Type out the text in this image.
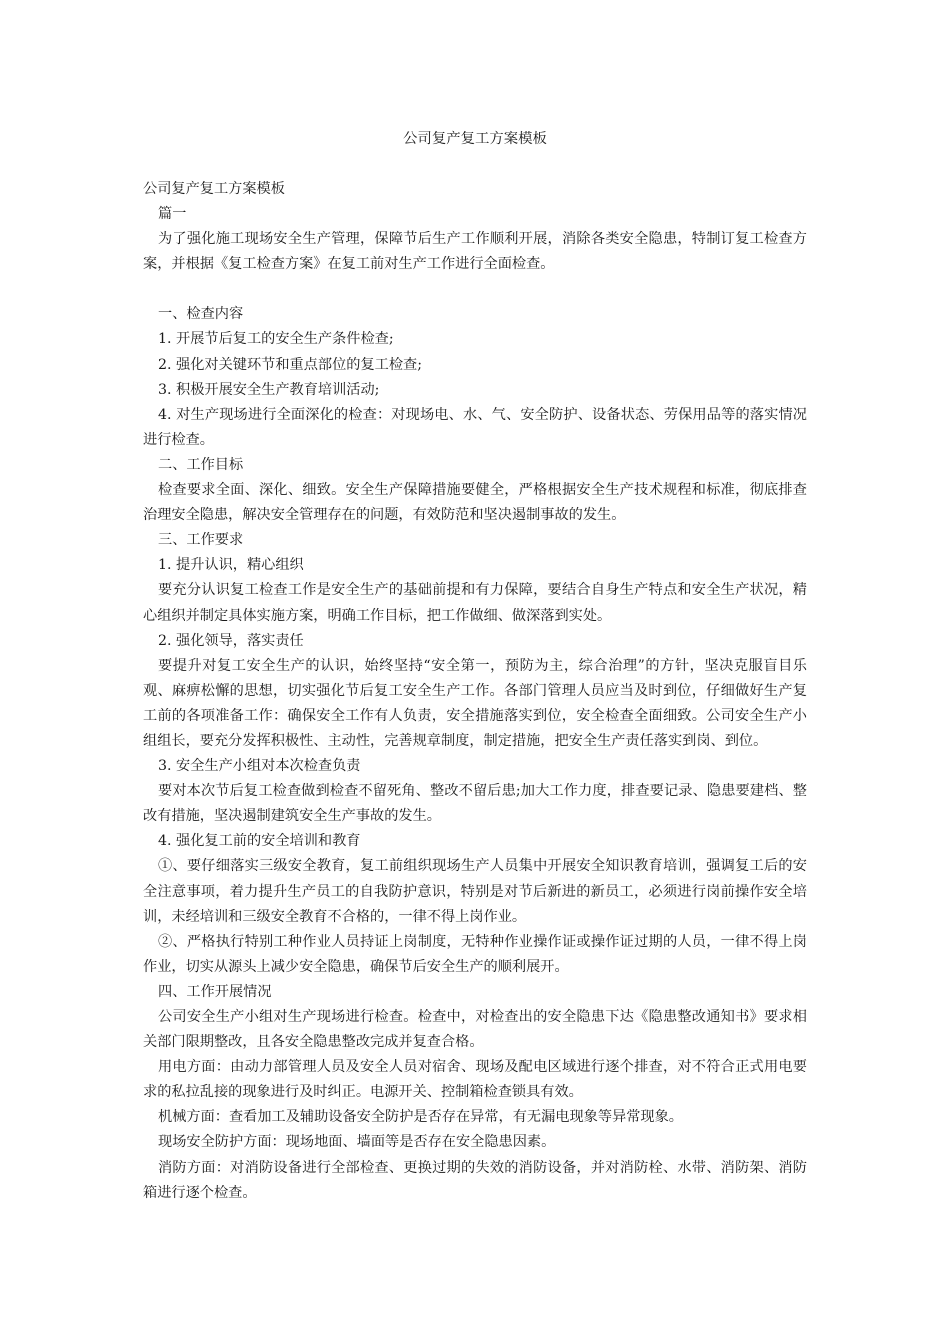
公司复产复工方案模板

公司复产复工方案模板

篇一

为了强化施工现场安全生产管理，保障节后生产工作顺利开展，消除各类安全隐患，特制订复工检查方案，并根据《复工检查方案》在复工前对生产工作进行全面检查。

一、检查内容

1. 开展节后复工的安全生产条件检查;

2. 强化对关键环节和重点部位的复工检查;

3. 积极开展安全生产教育培训活动;

4. 对生产现场进行全面深化的检查：对现场电、水、气、安全防护、设备状态、劳保用品等的落实情况进行检查。

二、工作目标

检查要求全面、深化、细致。安全生产保障措施要健全，严格根据安全生产技术规程和标准，彻底排查治理安全隐患，解决安全管理存在的问题，有效防范和坚决遏制事故的发生。

三、工作要求

1. 提升认识，精心组织

要充分认识复工检查工作是安全生产的基础前提和有力保障，要结合自身生产特点和安全生产状况，精心组织并制定具体实施方案，明确工作目标，把工作做细、做深落到实处。

2. 强化领导，落实责任

要提升对复工安全生产的认识，始终坚持“安全第一，预防为主，综合治理”的方针，坚决克服盲目乐观、麻痹松懈的思想，切实强化节后复工安全生产工作。各部门管理人员应当及时到位，仔细做好生产复工前的各项准备工作：确保安全工作有人负责，安全措施落实到位，安全检查全面细致。公司安全生产小组组长，要充分发挥积极性、主动性，完善规章制度，制定措施，把安全生产责任落实到岗、到位。

3. 安全生产小组对本次检查负责

要对本次节后复工检查做到检查不留死角、整改不留后患;加大工作力度，排查要记录、隐患要建档、整改有措施，坚决遏制建筑安全生产事故的发生。

4. 强化复工前的安全培训和教育

①、要仔细落实三级安全教育，复工前组织现场生产人员集中开展安全知识教育培训，强调复工后的安全注意事项，着力提升生产员工的自我防护意识，特别是对节后新进的新员工，必须进行岗前操作安全培训，未经培训和三级安全教育不合格的，一律不得上岗作业。

②、严格执行特别工种作业人员持证上岗制度，无特种作业操作证或操作证过期的人员，一律不得上岗作业，切实从源头上减少安全隐患，确保节后安全生产的顺利展开。

四、工作开展情况

公司安全生产小组对生产现场进行检查。检查中，对检查出的安全隐患下达《隐患整改通知书》要求相关部门限期整改，且各安全隐患整改完成并复查合格。

用电方面：由动力部管理人员及安全人员对宿舍、现场及配电区域进行逐个排查，对不符合正式用电要求的私拉乱接的现象进行及时纠正。电源开关、控制箱检查锁具有效。

机械方面：查看加工及辅助设备安全防护是否存在异常，有无漏电现象等异常现象。

现场安全防护方面：现场地面、墙面等是否存在安全隐患因素。

消防方面：对消防设备进行全部检查、更换过期的失效的消防设备，并对消防栓、水带、消防架、消防箱进行逐个检查。
